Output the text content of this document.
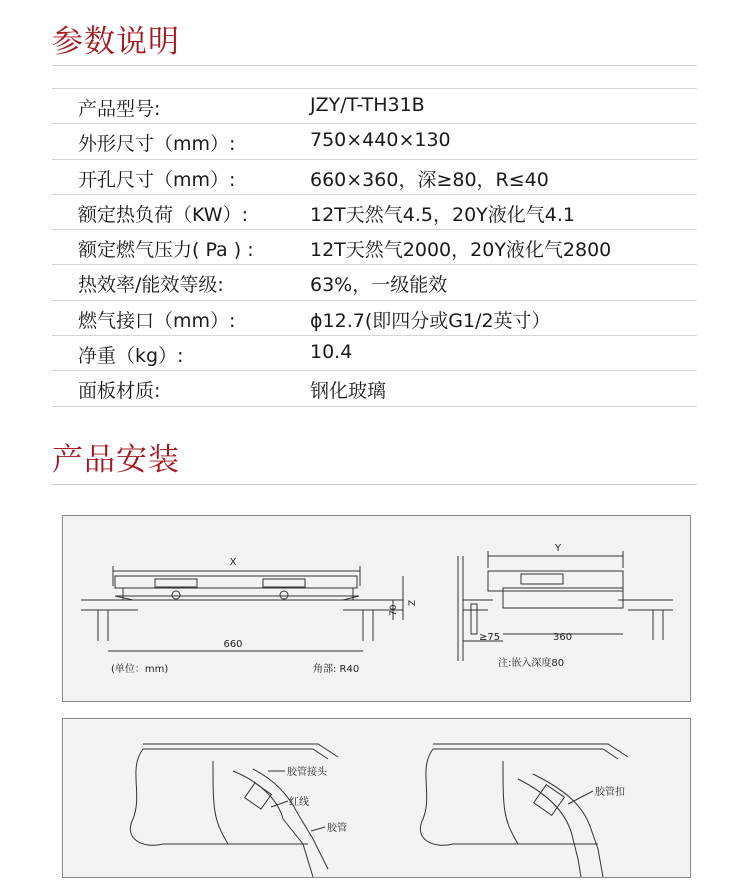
参数说明
产品型号:	JZY/T-TH31B
外形尺寸（mm）:	750×440×130
开孔尺寸（mm）:	660×360，深≥80，R≤40
额定热负荷（KW）:	12T天然气4.5，20Y液化气4.1
额定燃气压力( Pa ) :	12T天然气2000，20Y液化气2800
热效率/能效等级:	63%，一级能效
燃气接口（mm）:	ϕ12.7(即四分或G1/2英寸）
净重（kg）:	10.4
面板材质:	钢化玻璃
产品安装
X
660
70
Z
(单位：mm)	角部: R40
Y
≥75	360
注:嵌入深度80
胶管接头
红线
胶管
胶管扣
